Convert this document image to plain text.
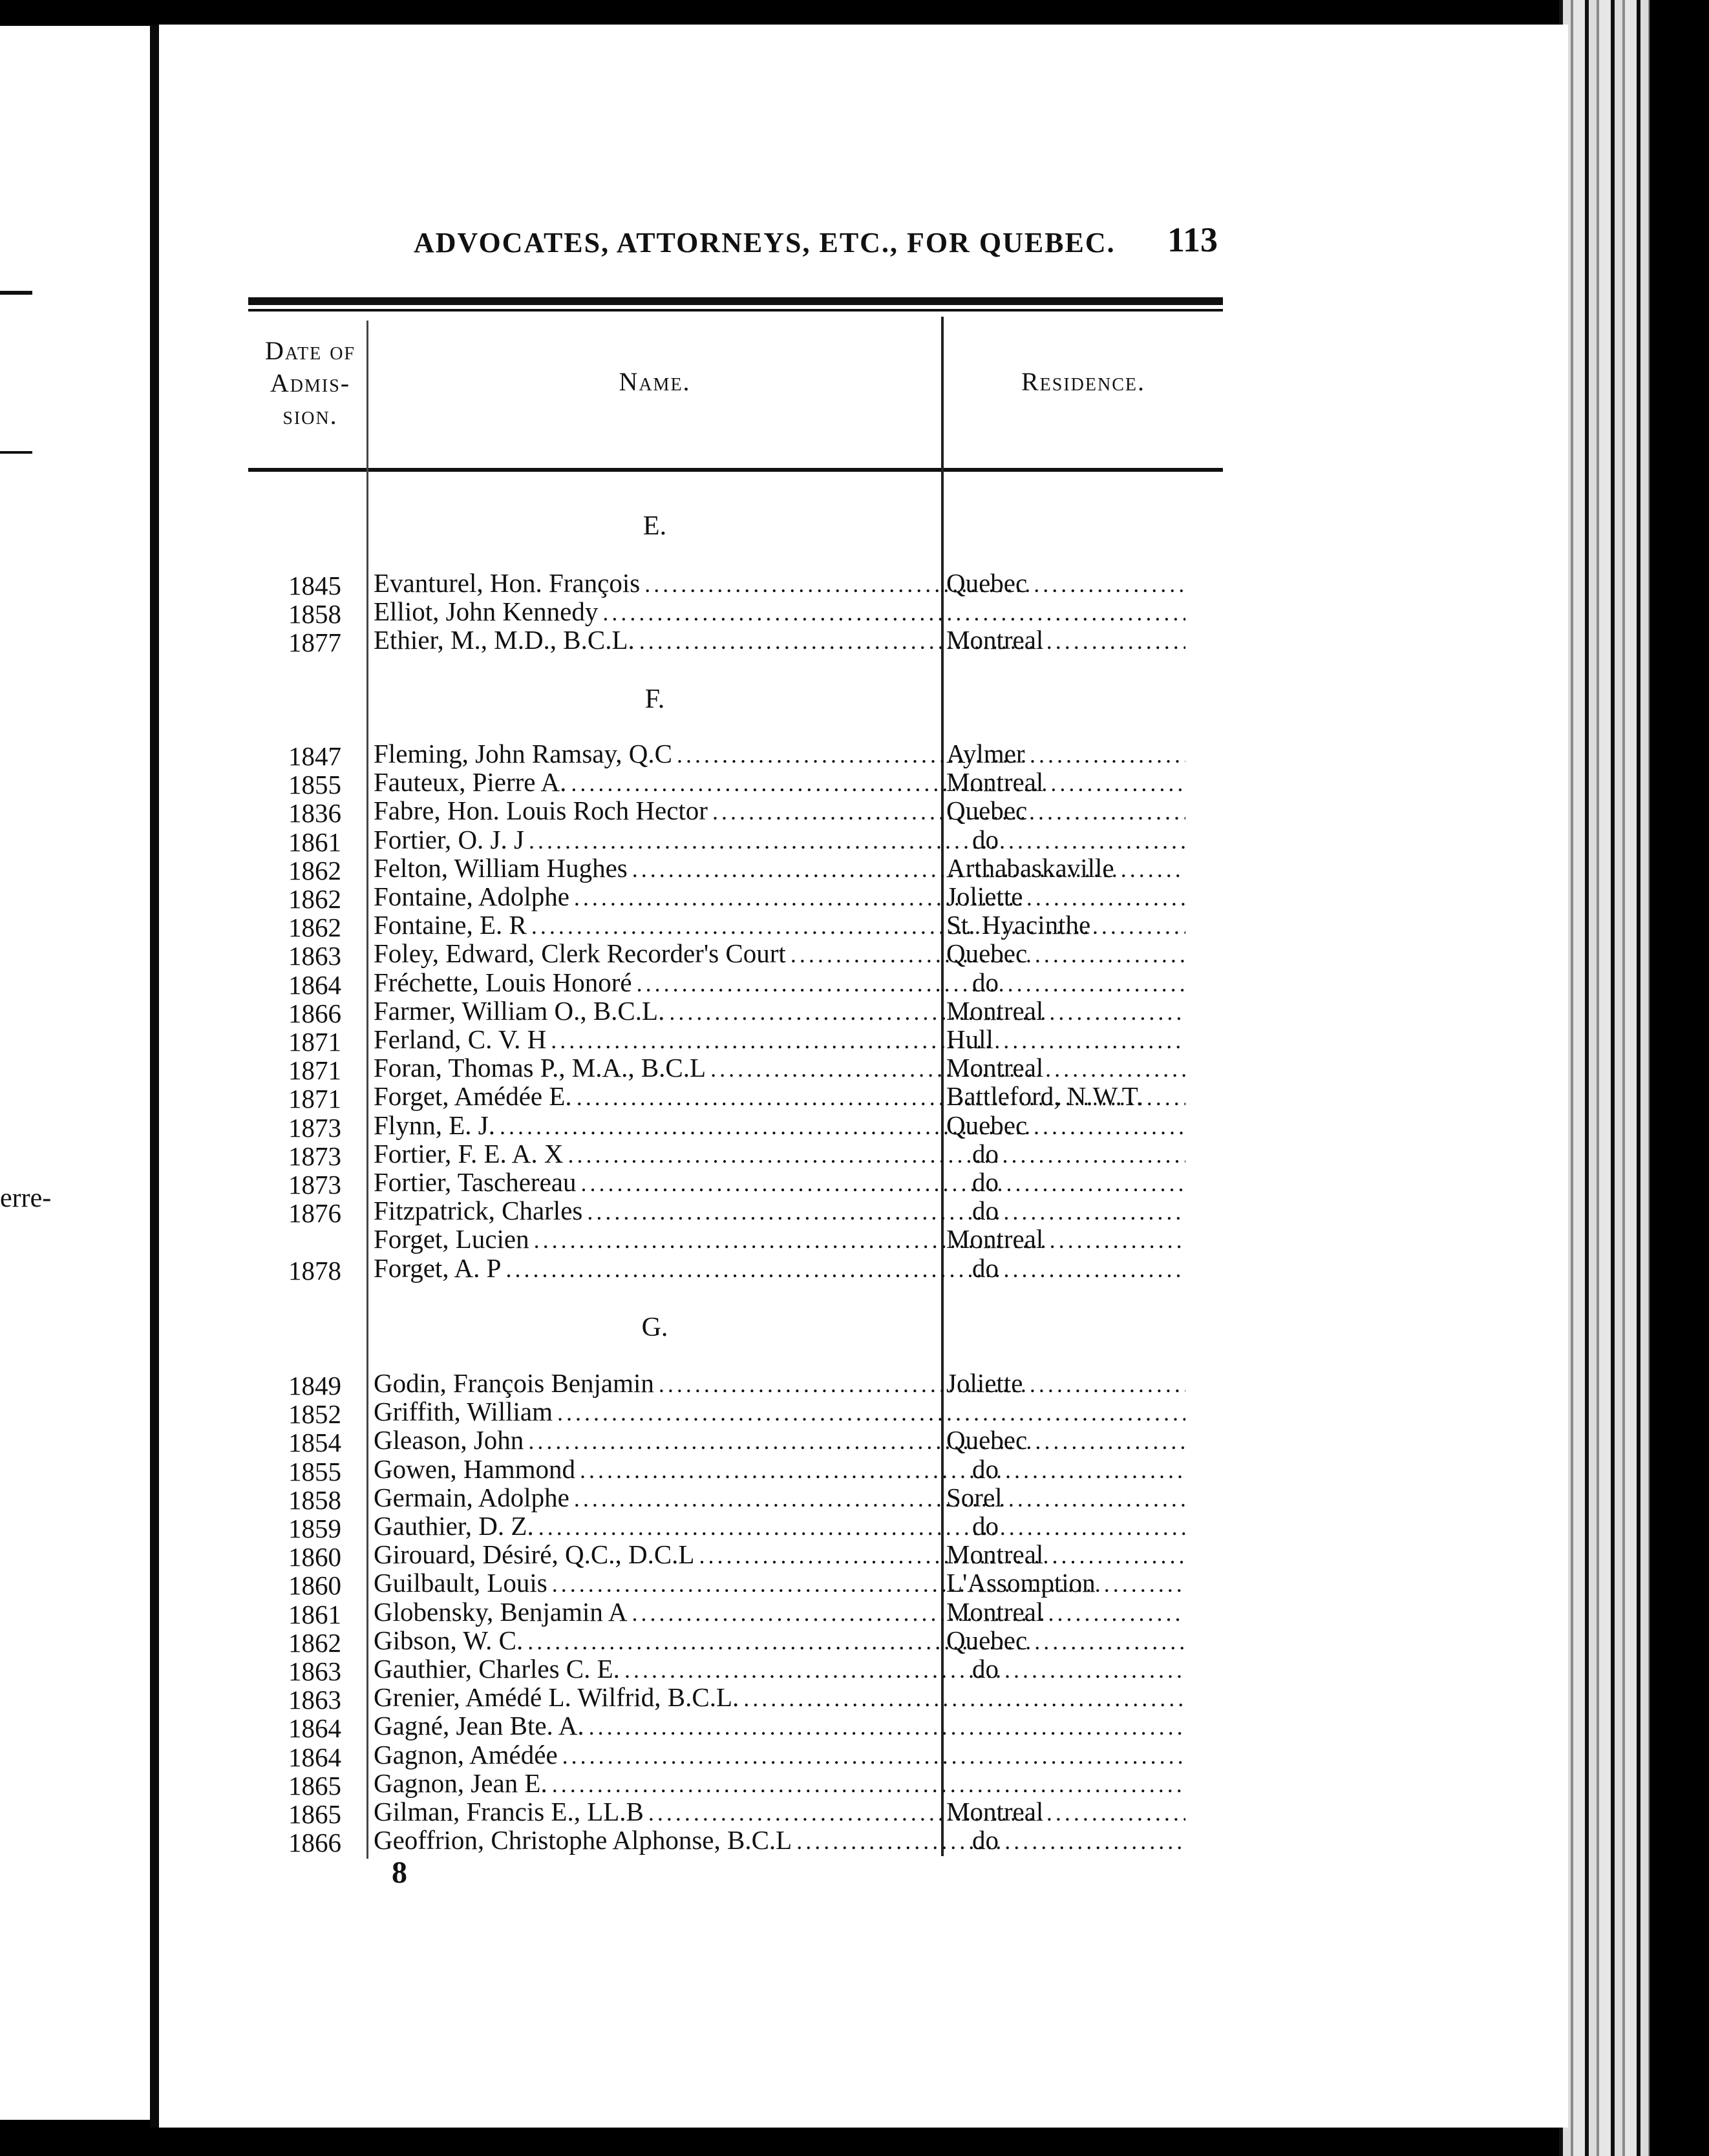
erre-
ADVOCATES, ATTORNEYS, ETC., FOR QUEBEC. 113
Date of Admis-sion.
Name.	Residence.
E.
1845 Evanturel, Hon. François . . .	Quebec
1858 Elliot, John Kennedy . . .
1877 Ethier, M., M.D., B.C.L. . . .	Montreal
F.
1847 Fleming, John Ramsay, Q.C . . .	Aylmer
1855 Fauteux, Pierre A. . . .	Montreal
1836 Fabre, Hon. Louis Roch Hector . . .	Quebec
1861 Fortier, O. J. J . . .	do
1862 Felton, William Hughes . . .	Arthabaskaville
1862 Fontaine, Adolphe . . .	Joliette
1862 Fontaine, E. R . . .	St. Hyacinthe
1863 Foley, Edward, Clerk Recorder's Court . . .	Quebec
1864 Fréchette, Louis Honoré . . .	do
1866 Farmer, William O., B.C.L. . . .	Montreal
1871 Ferland, C. V. H . . .	Hull
1871 Foran, Thomas P., M.A., B.C.L . . .	Montreal
1871 Forget, Amédée E. . . .	Battleford, N.W.T.
1873 Flynn, E. J. . . .	Quebec
1873 Fortier, F. E. A. X . . .	do
1873 Fortier, Taschereau . . .	do
1876 Fitzpatrick, Charles . . .	do
Forget, Lucien . . .	Montreal
1878 Forget, A. P . . .	do
G.
1849 Godin, François Benjamin . . .	Joliette
1852 Griffith, William . . .
1854 Gleason, John . . .	Quebec
1855 Gowen, Hammond . . .	do
1858 Germain, Adolphe . . .	Sorel
1859 Gauthier, D. Z. . . .	do
1860 Girouard, Désiré, Q.C., D.C.L . . .	Montreal
1860 Guilbault, Louis . . .	L'Assomption
1861 Globensky, Benjamin A . . .	Montreal
1862 Gibson, W. C. . . .	Quebec
1863 Gauthier, Charles C. E. . . .	do
1863 Grenier, Amédé L. Wilfrid, B.C.L. . . .
1864 Gagné, Jean Bte. A. . . .
1864 Gagnon, Amédée . . .
1865 Gagnon, Jean E. . . .
1865 Gilman, Francis E., LL.B . . .	Montreal
1866 Geoffrion, Christophe Alphonse, B.C.L . . .	do
8
